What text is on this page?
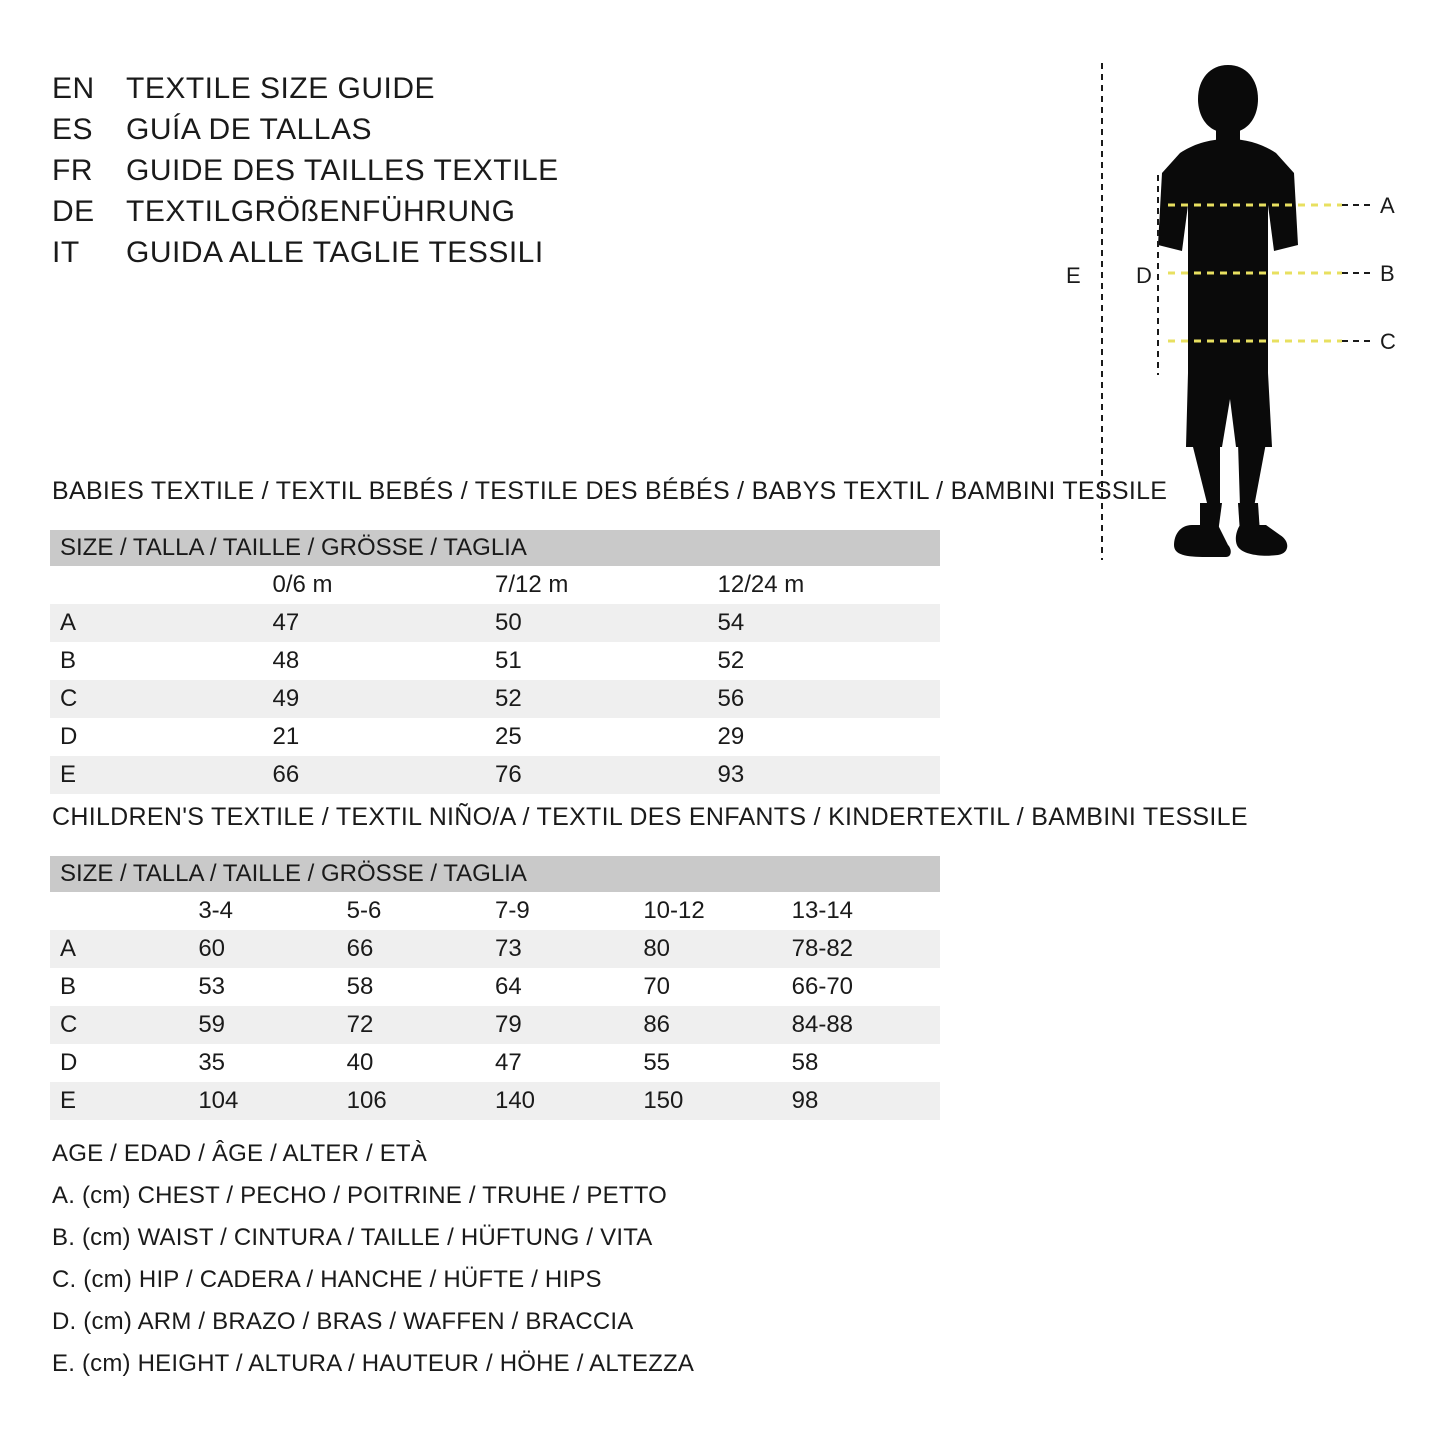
EN	TEXTILE SIZE GUIDE
ES	GUÍA DE TALLAS
FR	GUIDE DES TAILLES TEXTILE
DE	TEXTILGRÖßENFÜHRUNG
IT	GUIDA ALLE TAGLIE TESSILI
A
B
C
D
E
BABIES TEXTILE / TEXTIL BEBÉS / TESTILE DES BÉBÉS / BABYS TEXTIL / BAMBINI TESSILE
SIZE / TALLA / TAILLE / GRÖSSE / TAGLIA			
	0/6 m	7/12 m	12/24 m
A	47	50	54
B	48	51	52
C	49	52	56
D	21	25	29
E	66	76	93
CHILDREN'S TEXTILE / TEXTIL NIÑO/A / TEXTIL DES ENFANTS / KINDERTEXTIL / BAMBINI TESSILE
SIZE / TALLA / TAILLE / GRÖSSE / TAGLIA					
	3-4	5-6	7-9	10-12	13-14
A	60	66	73	80	78-82
B	53	58	64	70	66-70
C	59	72	79	86	84-88
D	35	40	47	55	58
E	104	106	140	150	98
AGE / EDAD / ÂGE / ALTER / ETÀ
A. (cm) CHEST / PECHO / POITRINE / TRUHE / PETTO
B. (cm) WAIST / CINTURA / TAILLE / HÜFTUNG / VITA
C. (cm) HIP / CADERA / HANCHE / HÜFTE / HIPS
D. (cm) ARM / BRAZO / BRAS / WAFFEN / BRACCIA
E. (cm) HEIGHT / ALTURA / HAUTEUR / HÖHE / ALTEZZA
